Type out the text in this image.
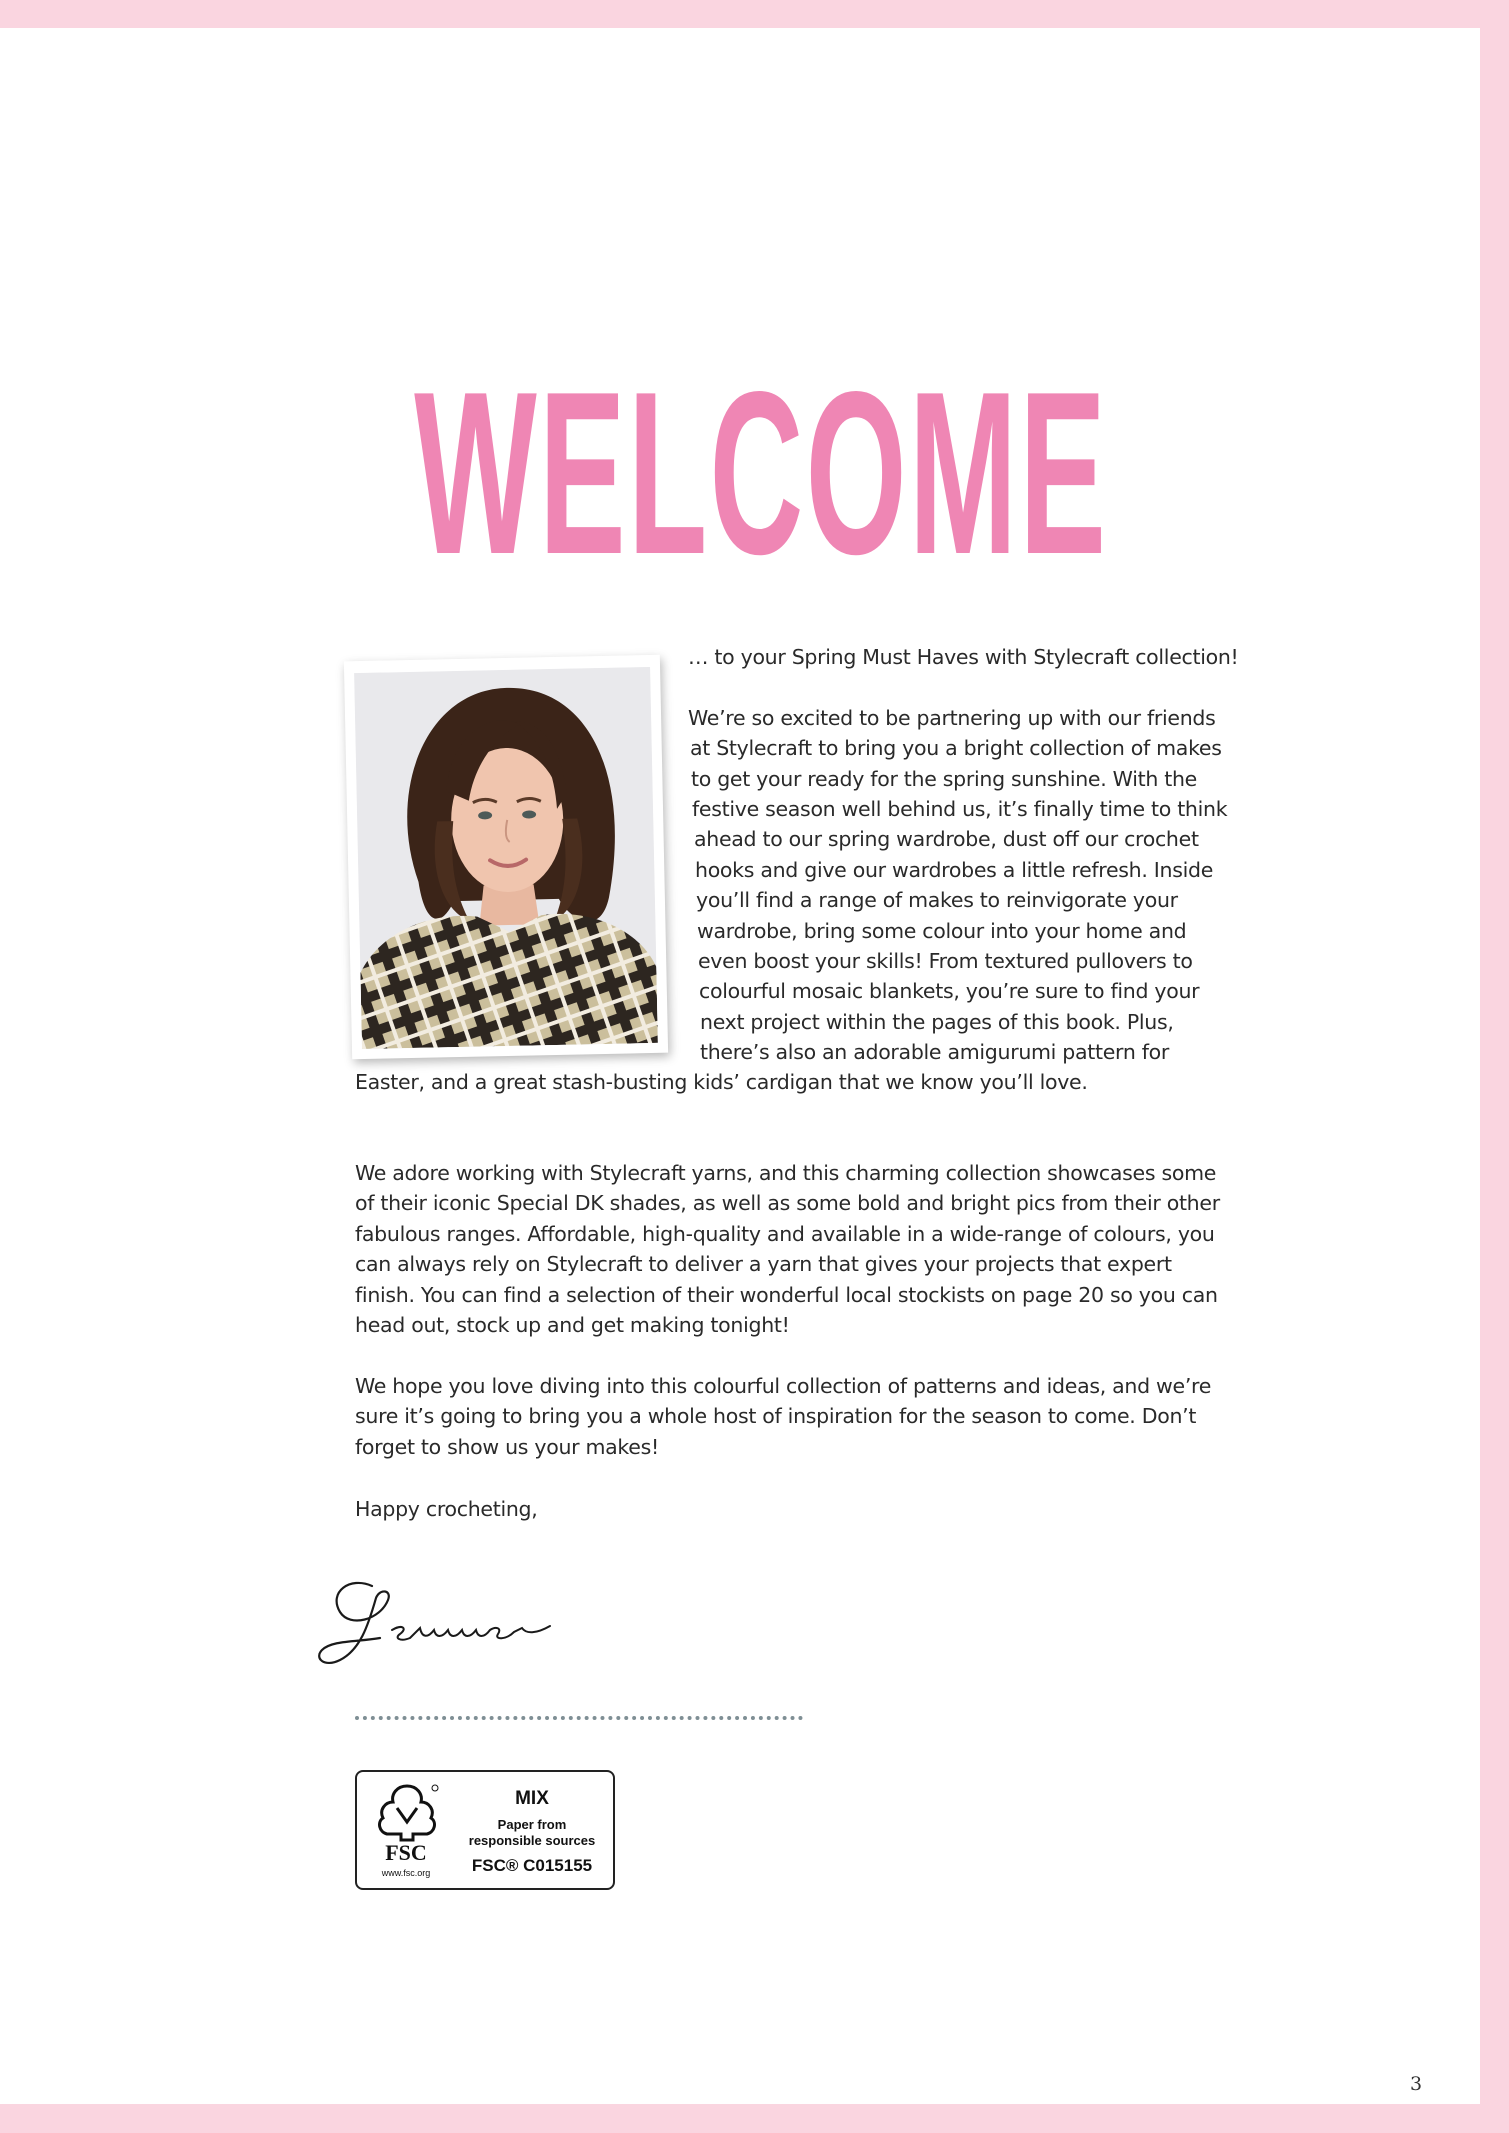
WELCOME

… to your Spring Must Haves with Stylecraft collection!

We’re so excited to be partnering up with our friends

at Stylecraft to bring you a bright collection of makes

to get your ready for the spring sunshine. With the

festive season well behind us, it’s finally time to think

ahead to our spring wardrobe, dust off our crochet

hooks and give our wardrobes a little refresh. Inside

you’ll find a range of makes to reinvigorate your

wardrobe, bring some colour into your home and

even boost your skills! From textured pullovers to

colourful mosaic blankets, you’re sure to find your

next project within the pages of this book. Plus,

there’s also an adorable amigurumi pattern for

Easter, and a great stash-busting kids’ cardigan that we know you’ll love.

We adore working with Stylecraft yarns, and this charming collection showcases some of their iconic Special DK shades, as well as some bold and bright pics from their other fabulous ranges. Affordable, high-quality and available in a wide-range of colours, you can always rely on Stylecraft to deliver a yarn that gives your projects that expert finish. You can find a selection of their wonderful local stockists on page 20 so you can head out, stock up and get making tonight!

We hope you love diving into this colourful collection of patterns and ideas, and we’re sure it’s going to bring you a whole host of inspiration for the season to come. Don’t forget to show us your makes!

Happy crocheting,

FSC
www.fsc.org
MIX
Paper from
responsible sources
FSC® C015155
3
